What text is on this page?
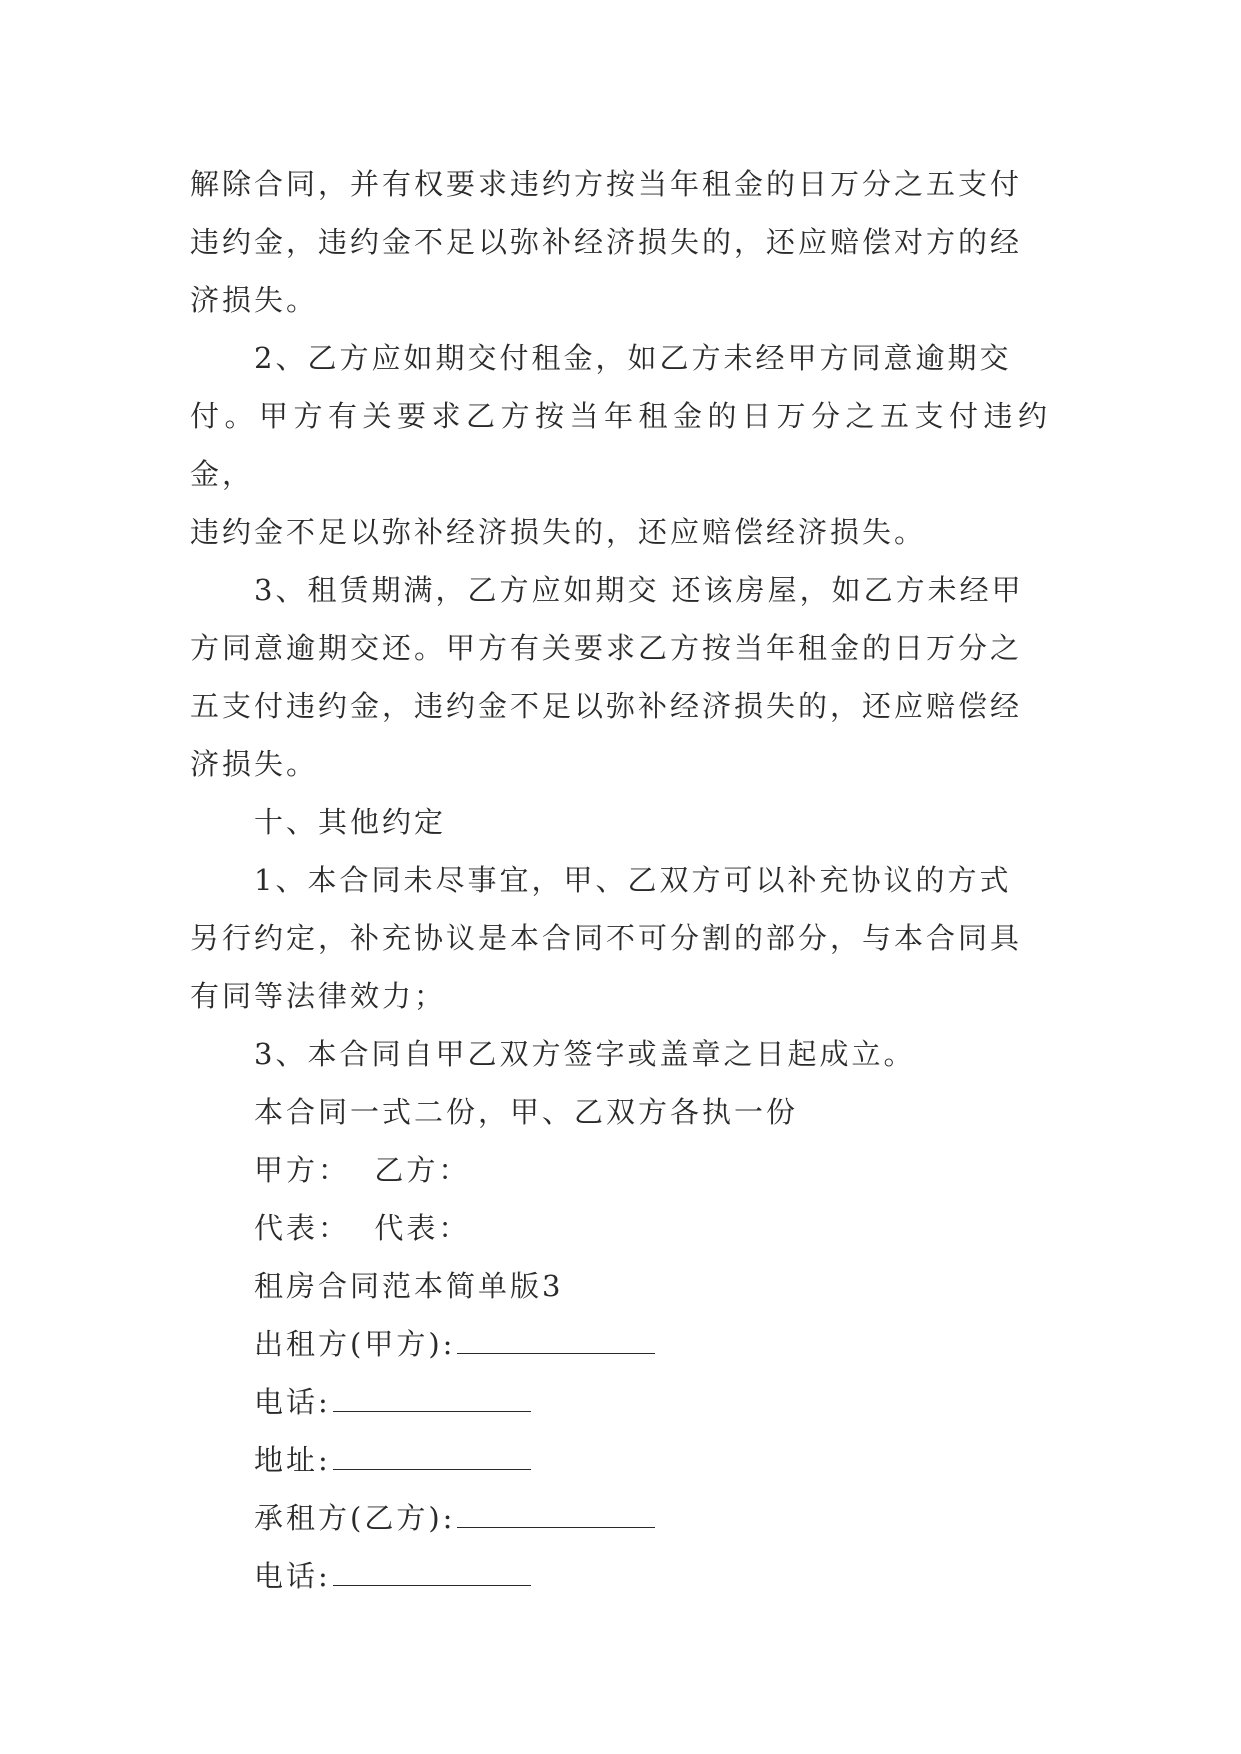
解除合同，并有权要求违约方按当年租金的日万分之五支付
违约金，违约金不足以弥补经济损失的，还应赔偿对方的经
济损失。

2、乙方应如期交付租金，如乙方未经甲方同意逾期交
付。甲方有关要求乙方按当年租金的日万分之五支付违约金，
违约金不足以弥补经济损失的，还应赔偿经济损失。

3、租赁期满，乙方应如期交 还该房屋，如乙方未经甲
方同意逾期交还。甲方有关要求乙方按当年租金的日万分之
五支付违约金，违约金不足以弥补经济损失的，还应赔偿经
济损失。

十、其他约定

1、本合同未尽事宜，甲、乙双方可以补充协议的方式
另行约定，补充协议是本合同不可分割的部分，与本合同具
有同等法律效力；

3、本合同自甲乙双方签字或盖章之日起成立。
本合同一式二份，甲、乙双方各执一份
甲方：  乙方：
代表：  代表：
租房合同范本简单版3
出租方(甲方):
电话:
地址:
承租方(乙方):
电话:
